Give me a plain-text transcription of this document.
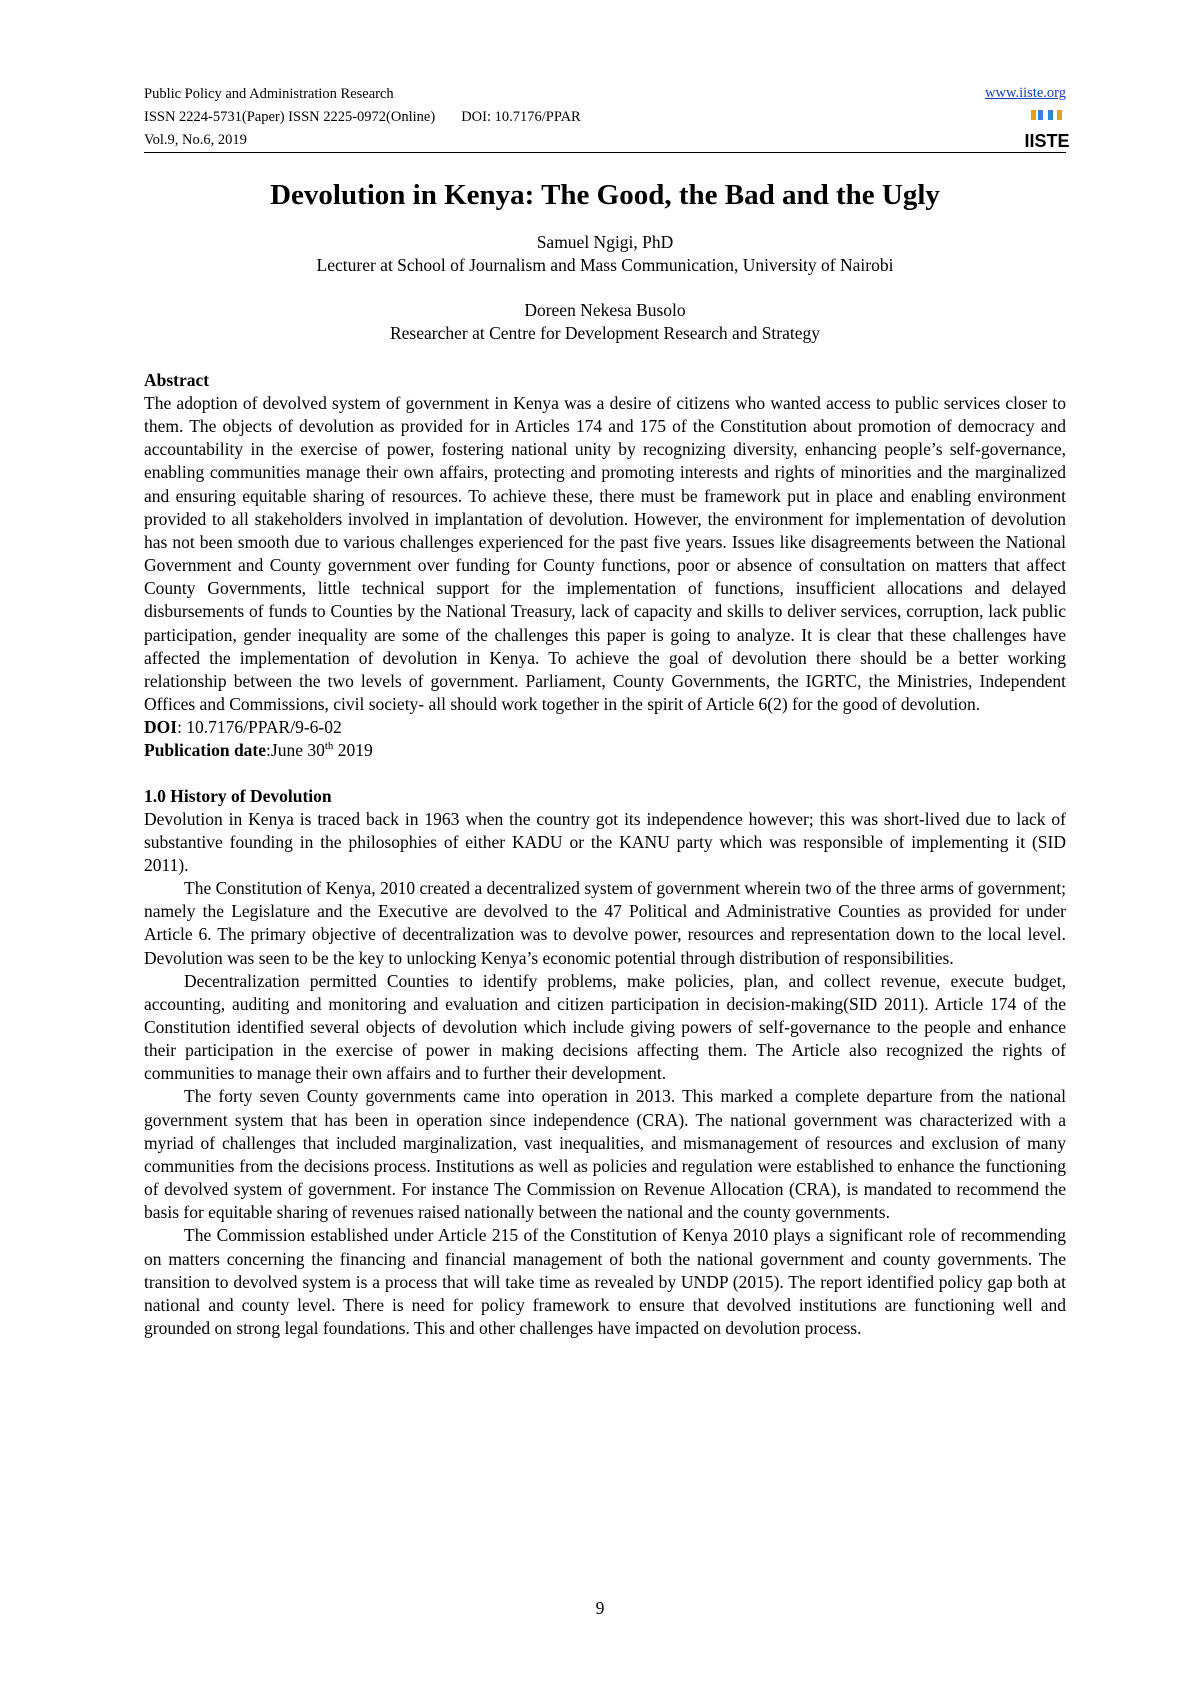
Public Policy and Administration Research
ISSN 2224-5731(Paper) ISSN 2225-0972(Online) DOI: 10.7176/PPAR
Vol.9, No.6, 2019
www.iiste.org
IISTE
Devolution in Kenya: The Good, the Bad and the Ugly
Samuel Ngigi, PhD
Lecturer at School of Journalism and Mass Communication, University of Nairobi
Doreen Nekesa Busolo
Researcher at Centre for Development Research and Strategy
Abstract

The adoption of devolved system of government in Kenya was a desire of citizens who wanted access to public services closer to them. The objects of devolution as provided for in Articles 174 and 175 of the Constitution about promotion of democracy and accountability in the exercise of power, fostering national unity by recognizing diversity, enhancing people’s self-governance, enabling communities manage their own affairs, protecting and promoting interests and rights of minorities and the marginalized and ensuring equitable sharing of resources. To achieve these, there must be framework put in place and enabling environment provided to all stakeholders involved in implantation of devolution. However, the environment for implementation of devolution has not been smooth due to various challenges experienced for the past five years. Issues like disagreements between the National Government and County government over funding for County functions, poor or absence of consultation on matters that affect County Governments, little technical support for the implementation of functions, insufficient allocations and delayed disbursements of funds to Counties by the National Treasury, lack of capacity and skills to deliver services, corruption, lack public participation, gender inequality are some of the challenges this paper is going to analyze. It is clear that these challenges have affected the implementation of devolution in Kenya. To achieve the goal of devolution there should be a better working relationship between the two levels of government. Parliament, County Governments, the IGRTC, the Ministries, Independent Offices and Commissions, civil society- all should work together in the spirit of Article 6(2) for the good of devolution.

DOI: 10.7176/PPAR/9-6-02
Publication date:June 30th 2019
1.0 History of Devolution

Devolution in Kenya is traced back in 1963 when the country got its independence however; this was short-lived due to lack of substantive founding in the philosophies of either KADU or the KANU party which was responsible of implementing it (SID 2011).

The Constitution of Kenya, 2010 created a decentralized system of government wherein two of the three arms of government; namely the Legislature and the Executive are devolved to the 47 Political and Administrative Counties as provided for under Article 6. The primary objective of decentralization was to devolve power, resources and representation down to the local level. Devolution was seen to be the key to unlocking Kenya’s economic potential through distribution of responsibilities.

Decentralization permitted Counties to identify problems, make policies, plan, and collect revenue, execute budget, accounting, auditing and monitoring and evaluation and citizen participation in decision-making(SID 2011). Article 174 of the Constitution identified several objects of devolution which include giving powers of self-governance to the people and enhance their participation in the exercise of power in making decisions affecting them. The Article also recognized the rights of communities to manage their own affairs and to further their development.

The forty seven County governments came into operation in 2013. This marked a complete departure from the national government system that has been in operation since independence (CRA). The national government was characterized with a myriad of challenges that included marginalization, vast inequalities, and mismanagement of resources and exclusion of many communities from the decisions process. Institutions as well as policies and regulation were established to enhance the functioning of devolved system of government. For instance The Commission on Revenue Allocation (CRA), is mandated to recommend the basis for equitable sharing of revenues raised nationally between the national and the county governments.

The Commission established under Article 215 of the Constitution of Kenya 2010 plays a significant role of recommending on matters concerning the financing and financial management of both the national government and county governments. The transition to devolved system is a process that will take time as revealed by UNDP (2015). The report identified policy gap both at national and county level. There is need for policy framework to ensure that devolved institutions are functioning well and grounded on strong legal foundations. This and other challenges have impacted on devolution process.

9
